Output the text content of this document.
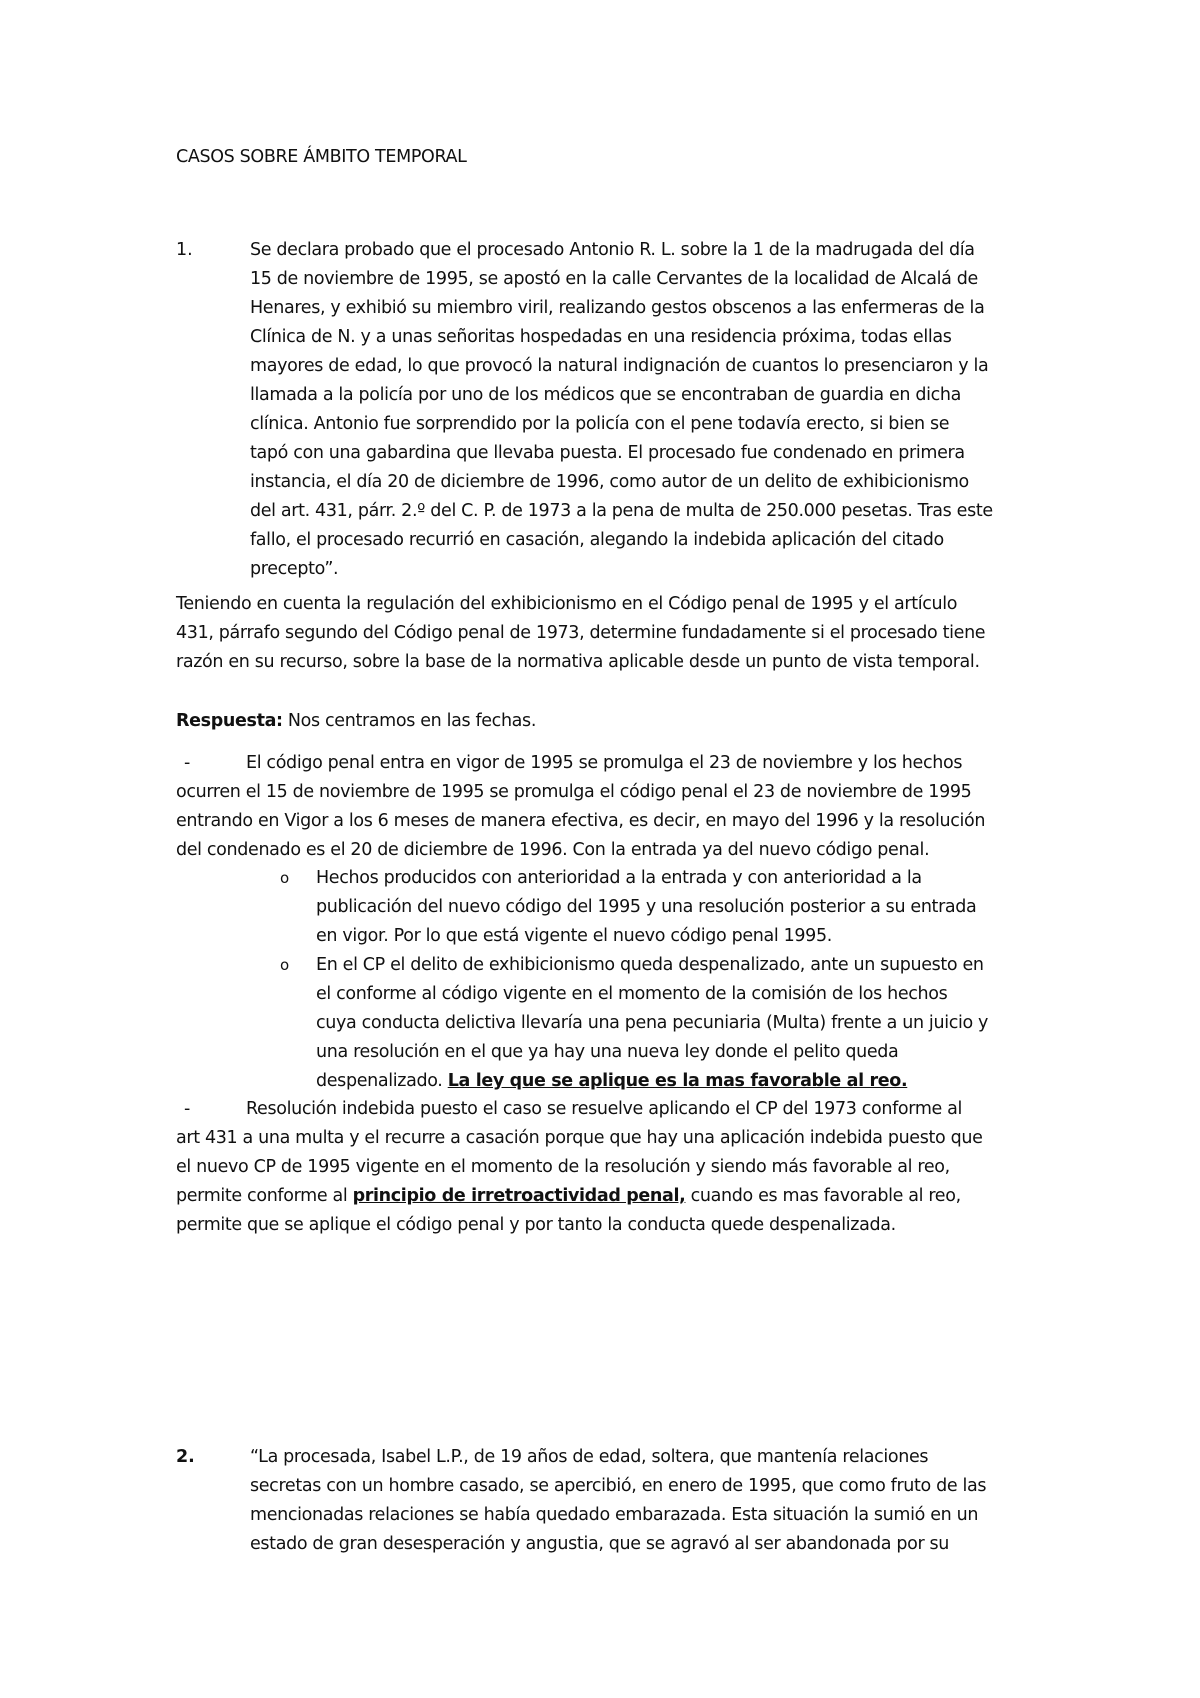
CASOS SOBRE ÁMBITO TEMPORAL
1.	Se declara probado que el procesado Antonio R. L. sobre la 1 de la madrugada del día
15 de noviembre de 1995, se apostó en la calle Cervantes de la localidad de Alcalá de
Henares, y exhibió su miembro viril, realizando gestos obscenos a las enfermeras de la
Clínica de N. y a unas señoritas hospedadas en una residencia próxima, todas ellas
mayores de edad, lo que provocó la natural indignación de cuantos lo presenciaron y la
llamada a la policía por uno de los médicos que se encontraban de guardia en dicha
clínica. Antonio fue sorprendido por la policía con el pene todavía erecto, si bien se
tapó con una gabardina que llevaba puesta. El procesado fue condenado en primera
instancia, el día 20 de diciembre de 1996, como autor de un delito de exhibicionismo
del art. 431, párr. 2.º del C. P. de 1973 a la pena de multa de 250.000 pesetas. Tras este
fallo, el procesado recurrió en casación, alegando la indebida aplicación del citado
precepto”.
Teniendo en cuenta la regulación del exhibicionismo en el Código penal de 1995 y el artículo
431, párrafo segundo del Código penal de 1973, determine fundadamente si el procesado tiene
razón en su recurso, sobre la base de la normativa aplicable desde un punto de vista temporal.
Respuesta: Nos centramos en las fechas.
-	El código penal entra en vigor de 1995 se promulga el 23 de noviembre y los hechos
ocurren el 15 de noviembre de 1995 se promulga el código penal el 23 de noviembre de 1995
entrando en Vigor a los 6 meses de manera efectiva, es decir, en mayo del 1996 y la resolución
del condenado es el 20 de diciembre de 1996. Con la entrada ya del nuevo código penal.
o Hechos producidos con anterioridad a la entrada y con anterioridad a la
publicación del nuevo código del 1995 y una resolución posterior a su entrada
en vigor. Por lo que está vigente el nuevo código penal 1995.
o En el CP el delito de exhibicionismo queda despenalizado, ante un supuesto en
el conforme al código vigente en el momento de la comisión de los hechos
cuya conducta delictiva llevaría una pena pecuniaria (Multa) frente a un juicio y
una resolución en el que ya hay una nueva ley donde el pelito queda
despenalizado. La ley que se aplique es la mas favorable al reo.
-	Resolución indebida puesto el caso se resuelve aplicando el CP del 1973 conforme al
art 431 a una multa y el recurre a casación porque que hay una aplicación indebida puesto que
el nuevo CP de 1995 vigente en el momento de la resolución y siendo más favorable al reo,
permite conforme al principio de irretroactividad penal, cuando es mas favorable al reo,
permite que se aplique el código penal y por tanto la conducta quede despenalizada.
2.	“La procesada, Isabel L.P., de 19 años de edad, soltera, que mantenía relaciones
secretas con un hombre casado, se apercibió, en enero de 1995, que como fruto de las
mencionadas relaciones se había quedado embarazada. Esta situación la sumió en un
estado de gran desesperación y angustia, que se agravó al ser abandonada por su
